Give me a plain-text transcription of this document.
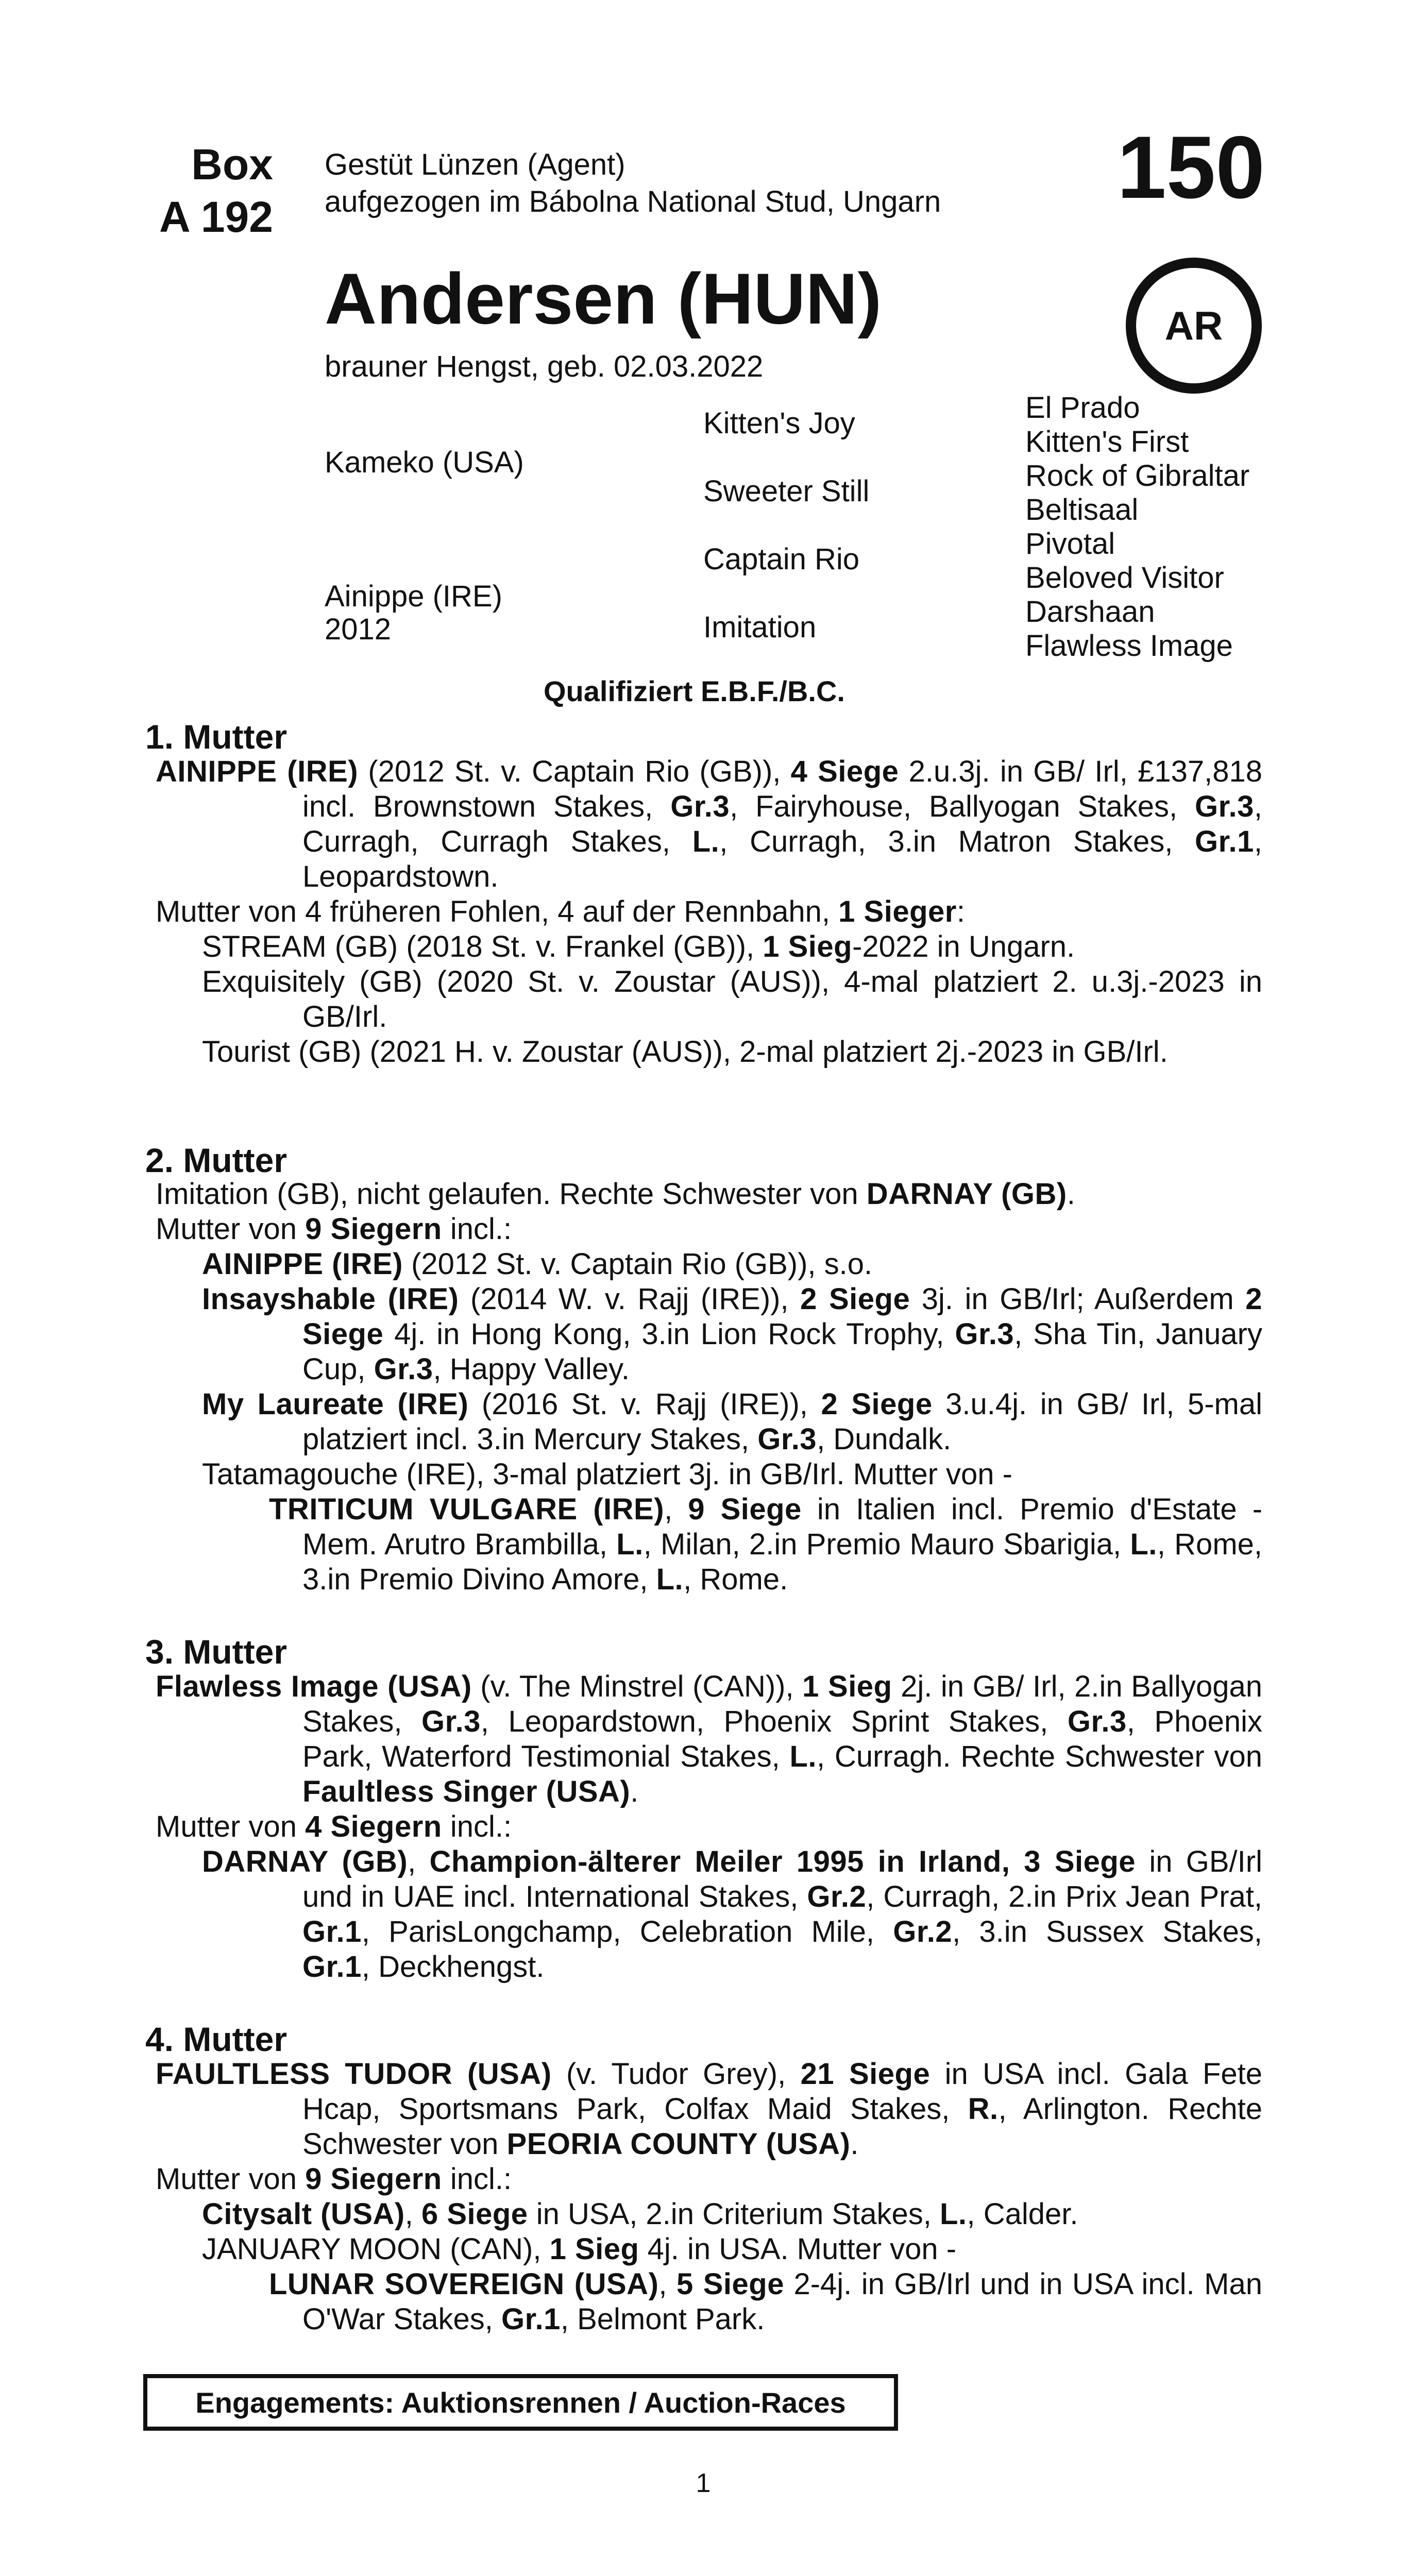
Box
A 192
Gestüt Lünzen (Agent)
aufgezogen im Bábolna National Stud, Ungarn 150
Andersen (HUN)	AR
brauner Hengst, geb. 02.03.2022
Kameko (USA)
Ainippe (IRE)
2012
Kitten's Joy
Sweeter Still
Captain Rio
Imitation
El Prado
Kitten's First
Rock of Gibraltar
Beltisaal
Pivotal
Beloved Visitor
Darshaan
Flawless Image
Qualifiziert E.B.F./B.C.
1. Mutter

AINIPPE (IRE) (2012 St. v. Captain Rio (GB)), 4 Siege 2.u.3j. in GB/ Irl, £137,818 incl. Brownstown Stakes, Gr.3, Fairyhouse, Ballyogan Stakes, Gr.3, Curragh, Curragh Stakes, L., Curragh, 3.in Matron Stakes, Gr.1, Leopardstown.

Mutter von 4 früheren Fohlen, 4 auf der Rennbahn, 1 Sieger:

STREAM (GB) (2018 St. v. Frankel (GB)), 1 Sieg-2022 in Ungarn.

Exquisitely (GB) (2020 St. v. Zoustar (AUS)), 4-mal platziert 2. u.3j.-2023 in GB/Irl.

Tourist (GB) (2021 H. v. Zoustar (AUS)), 2-mal platziert 2j.-2023 in GB/Irl.

2. Mutter

Imitation (GB), nicht gelaufen. Rechte Schwester von DARNAY (GB).

Mutter von 9 Siegern incl.:

AINIPPE (IRE) (2012 St. v. Captain Rio (GB)), s.o.

Insayshable (IRE) (2014 W. v. Rajj (IRE)), 2 Siege 3j. in GB/Irl; Außerdem 2 Siege 4j. in Hong Kong, 3.in Lion Rock Trophy, Gr.3, Sha Tin, January Cup, Gr.3, Happy Valley.

My Laureate (IRE) (2016 St. v. Rajj (IRE)), 2 Siege 3.u.4j. in GB/ Irl, 5-mal platziert incl. 3.in Mercury Stakes, Gr.3, Dundalk.

Tatamagouche (IRE), 3-mal platziert 3j. in GB/Irl. Mutter von -

TRITICUM VULGARE (IRE), 9 Siege in Italien incl. Premio d'Estate -Mem. Arutro Brambilla, L., Milan, 2.in Premio Mauro Sbarigia, L., Rome, 3.in Premio Divino Amore, L., Rome.

3. Mutter

Flawless Image (USA) (v. The Minstrel (CAN)), 1 Sieg 2j. in GB/ Irl, 2.in Ballyogan Stakes, Gr.3, Leopardstown, Phoenix Sprint Stakes, Gr.3, Phoenix Park, Waterford Testimonial Stakes, L., Curragh. Rechte Schwester von Faultless Singer (USA).

Mutter von 4 Siegern incl.:

DARNAY (GB), Champion-älterer Meiler 1995 in Irland, 3 Siege in GB/Irl und in UAE incl. International Stakes, Gr.2, Curragh, 2.in Prix Jean Prat, Gr.1, ParisLongchamp, Celebration Mile, Gr.2, 3.in Sussex Stakes, Gr.1, Deckhengst.

4. Mutter

FAULTLESS TUDOR (USA) (v. Tudor Grey), 21 Siege in USA incl. Gala Fete Hcap, Sportsmans Park, Colfax Maid Stakes, R., Arlington. Rechte Schwester von PEORIA COUNTY (USA).

Mutter von 9 Siegern incl.:

Citysalt (USA), 6 Siege in USA, 2.in Criterium Stakes, L., Calder.

JANUARY MOON (CAN), 1 Sieg 4j. in USA. Mutter von -

LUNAR SOVEREIGN (USA), 5 Siege 2-4j. in GB/Irl und in USA incl. Man O'War Stakes, Gr.1, Belmont Park.

Engagements: Auktionsrennen / Auction-Races
1
